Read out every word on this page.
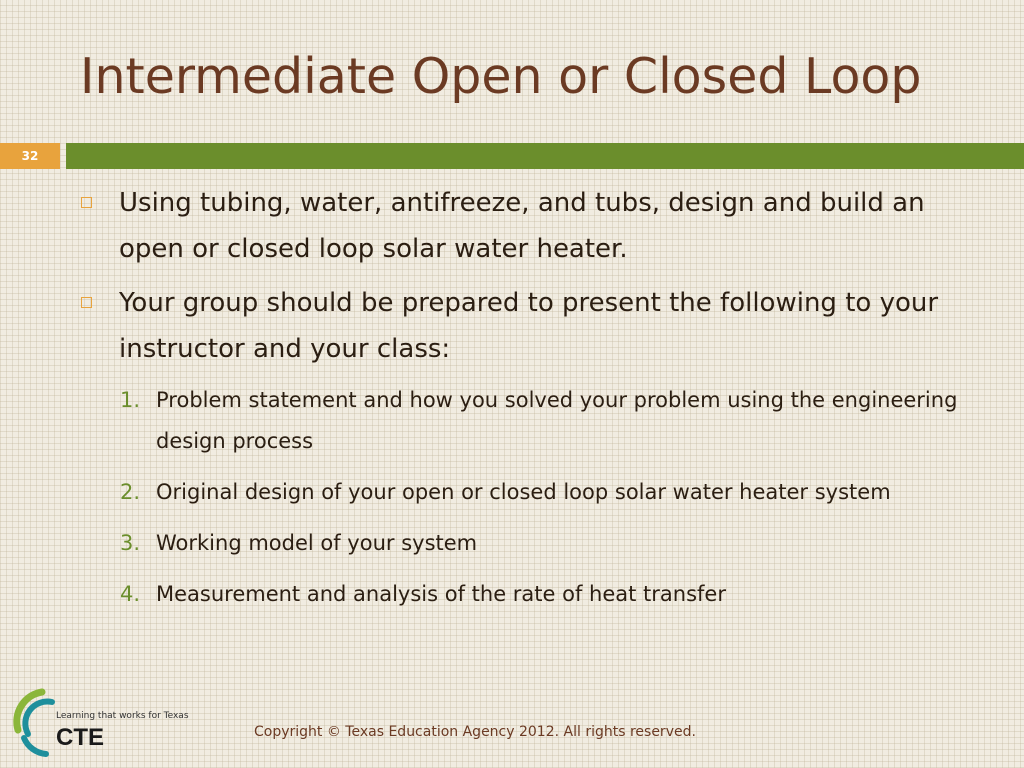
Intermediate Open or Closed Loop
32
Using tubing, water, antifreeze, and tubs, design and build an open or closed loop solar water heater.
Your group should be prepared to present the following to your instructor and your class:
1. Problem statement and how you solved your problem using the engineering design process
2. Original design of your open or closed loop solar water heater system
3. Working model of your system
4. Measurement and analysis of the rate of heat transfer
Learning that works for Texas
CTE	Copyright © Texas Education Agency 2012. All rights reserved.
